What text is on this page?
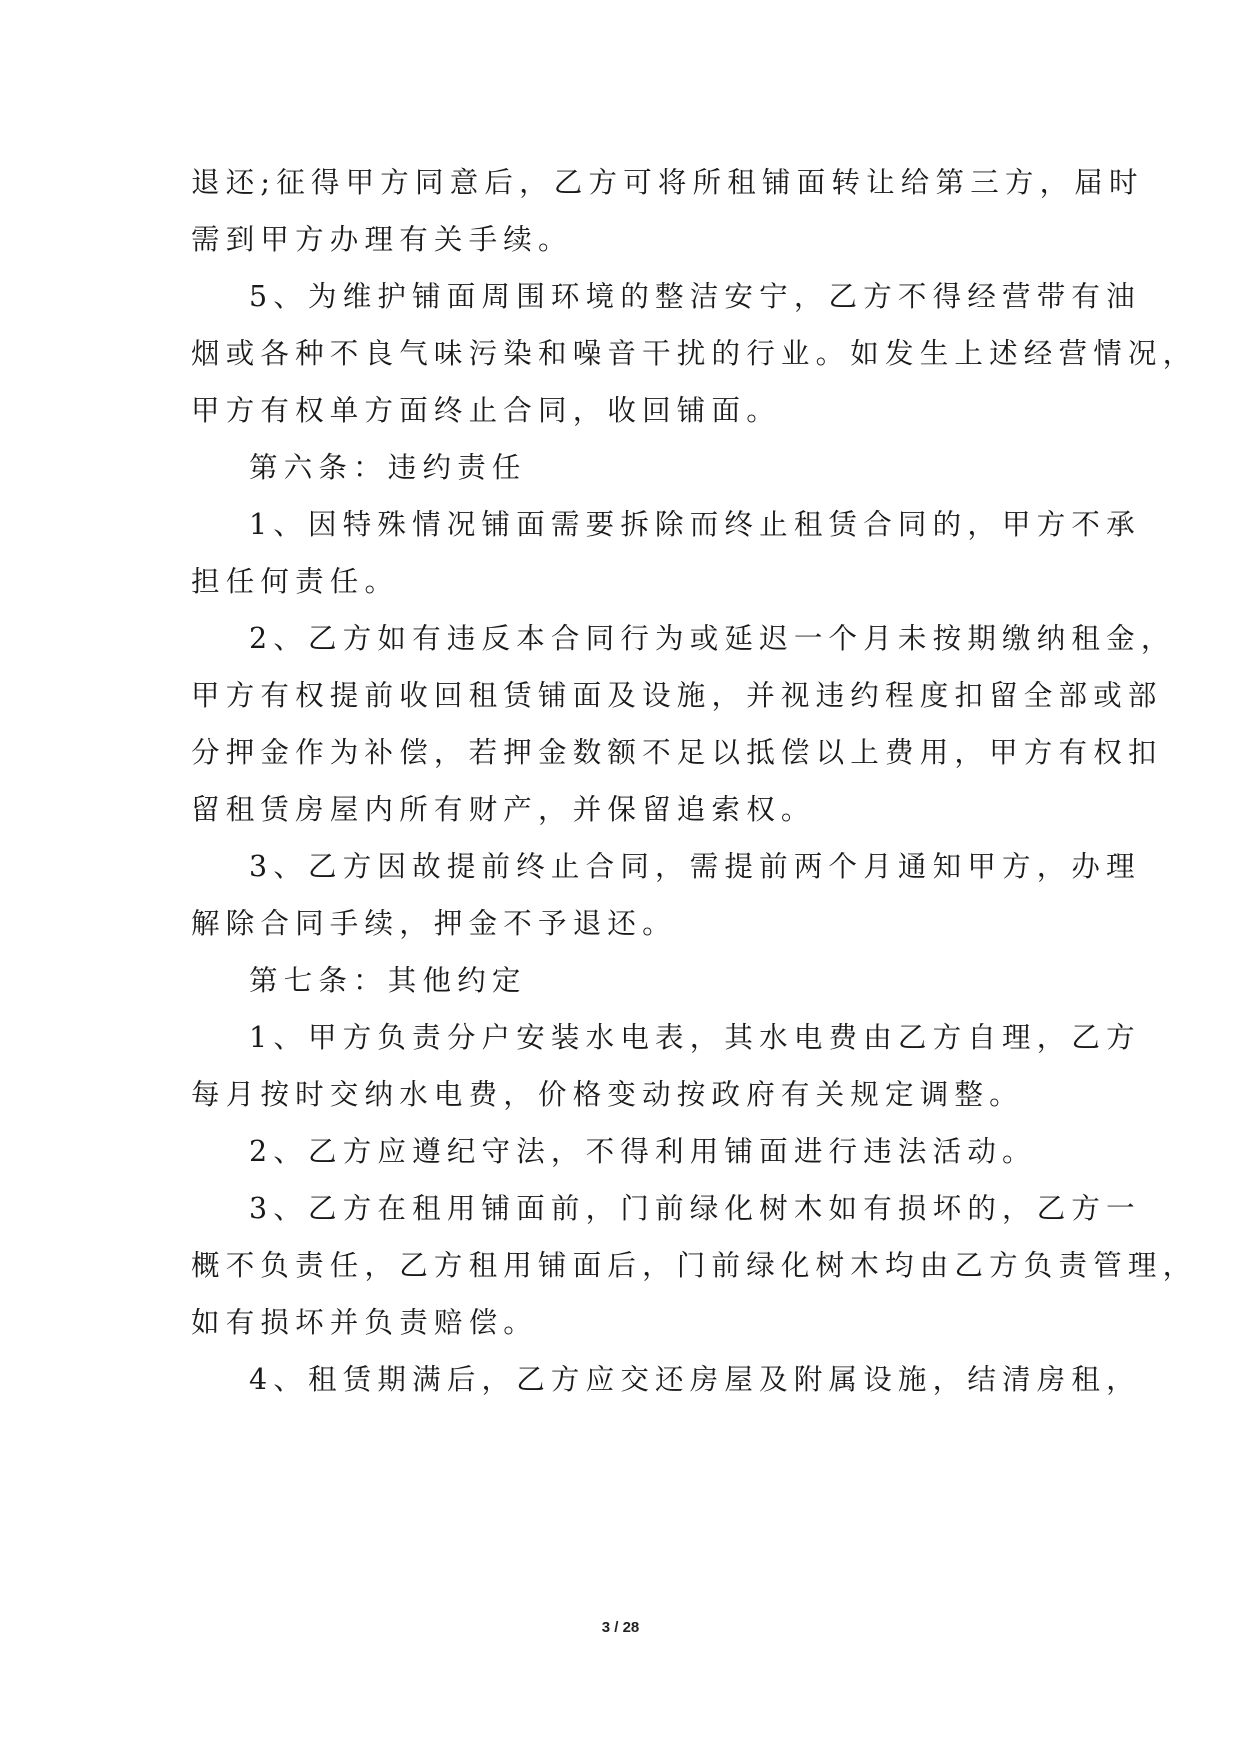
退还;征得甲方同意后，乙方可将所租铺面转让给第三方，届时
需到甲方办理有关手续。
5、为维护铺面周围环境的整洁安宁，乙方不得经营带有油
烟或各种不良气味污染和噪音干扰的行业。如发生上述经营情况，
甲方有权单方面终止合同，收回铺面。
第六条：违约责任
1、因特殊情况铺面需要拆除而终止租赁合同的，甲方不承
担任何责任。
2、乙方如有违反本合同行为或延迟一个月未按期缴纳租金，
甲方有权提前收回租赁铺面及设施，并视违约程度扣留全部或部
分押金作为补偿，若押金数额不足以抵偿以上费用，甲方有权扣
留租赁房屋内所有财产，并保留追索权。
3、乙方因故提前终止合同，需提前两个月通知甲方，办理
解除合同手续，押金不予退还。
第七条：其他约定
1、甲方负责分户安装水电表，其水电费由乙方自理，乙方
每月按时交纳水电费，价格变动按政府有关规定调整。
2、乙方应遵纪守法，不得利用铺面进行违法活动。
3、乙方在租用铺面前，门前绿化树木如有损坏的，乙方一
概不负责任，乙方租用铺面后，门前绿化树木均由乙方负责管理，
如有损坏并负责赔偿。
4、租赁期满后，乙方应交还房屋及附属设施，结清房租，
3 / 28
